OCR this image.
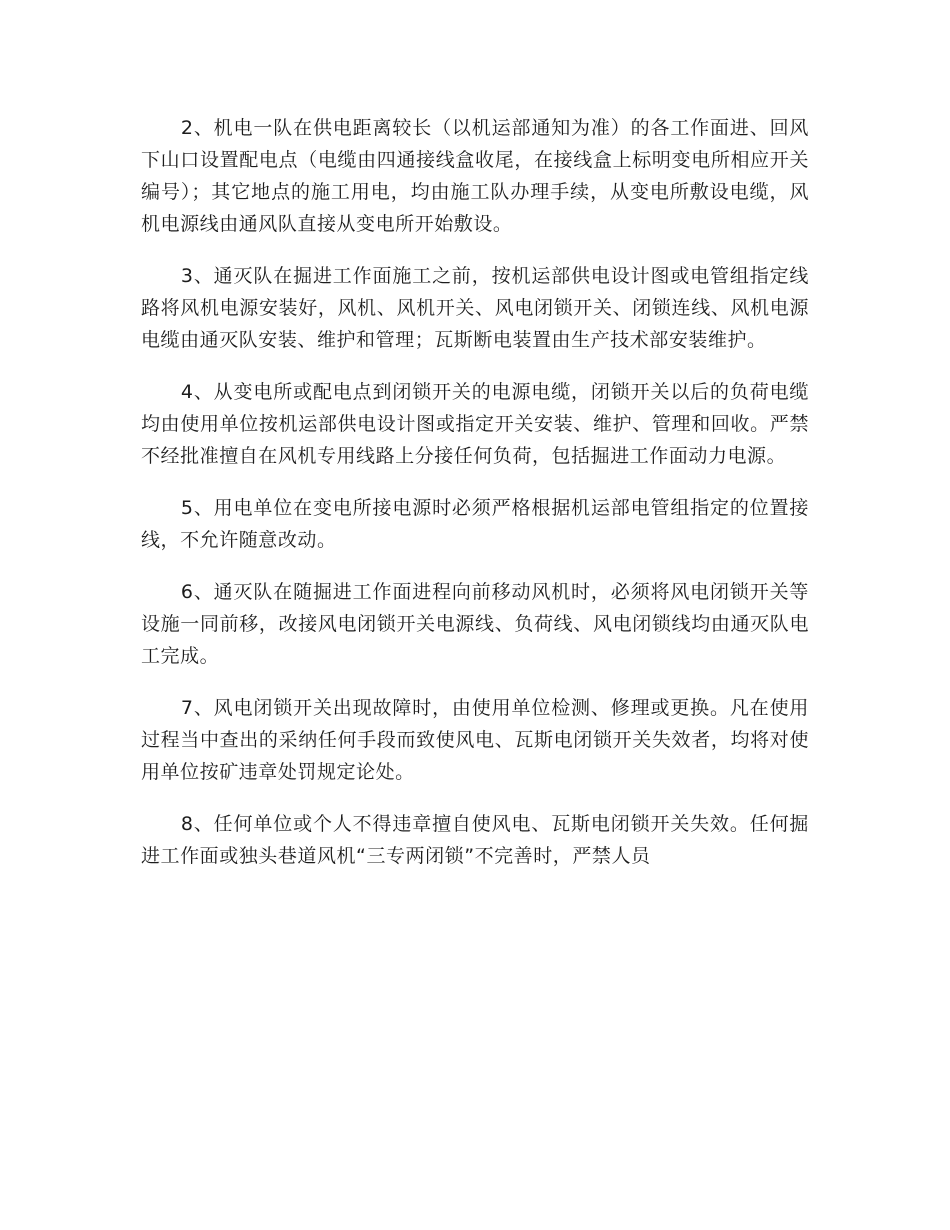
2、机电一队在供电距离较长（以机运部通知为准）的各工作面进、回风下山口设置配电点（电缆由四通接线盒收尾，在接线盒上标明变电所相应开关编号）；其它地点的施工用电，均由施工队办理手续，从变电所敷设电缆，风机电源线由通风队直接从变电所开始敷设。

3、通灭队在掘进工作面施工之前，按机运部供电设计图或电管组指定线路将风机电源安装好，风机、风机开关、风电闭锁开关、闭锁连线、风机电源电缆由通灭队安装、维护和管理；瓦斯断电装置由生产技术部安装维护。

4、从变电所或配电点到闭锁开关的电源电缆，闭锁开关以后的负荷电缆均由使用单位按机运部供电设计图或指定开关安装、维护、管理和回收。严禁不经批准擅自在风机专用线路上分接任何负荷，包括掘进工作面动力电源。

5、用电单位在变电所接电源时必须严格根据机运部电管组指定的位置接线，不允许随意改动。

6、通灭队在随掘进工作面进程向前移动风机时，必须将风电闭锁开关等设施一同前移，改接风电闭锁开关电源线、负荷线、风电闭锁线均由通灭队电工完成。

7、风电闭锁开关出现故障时，由使用单位检测、修理或更换。凡在使用过程当中查出的采纳任何手段而致使风电、瓦斯电闭锁开关失效者，均将对使用单位按矿违章处罚规定论处。

8、任何单位或个人不得违章擅自使风电、瓦斯电闭锁开关失效。任何掘进工作面或独头巷道风机“三专两闭锁”不完善时，严禁人员
